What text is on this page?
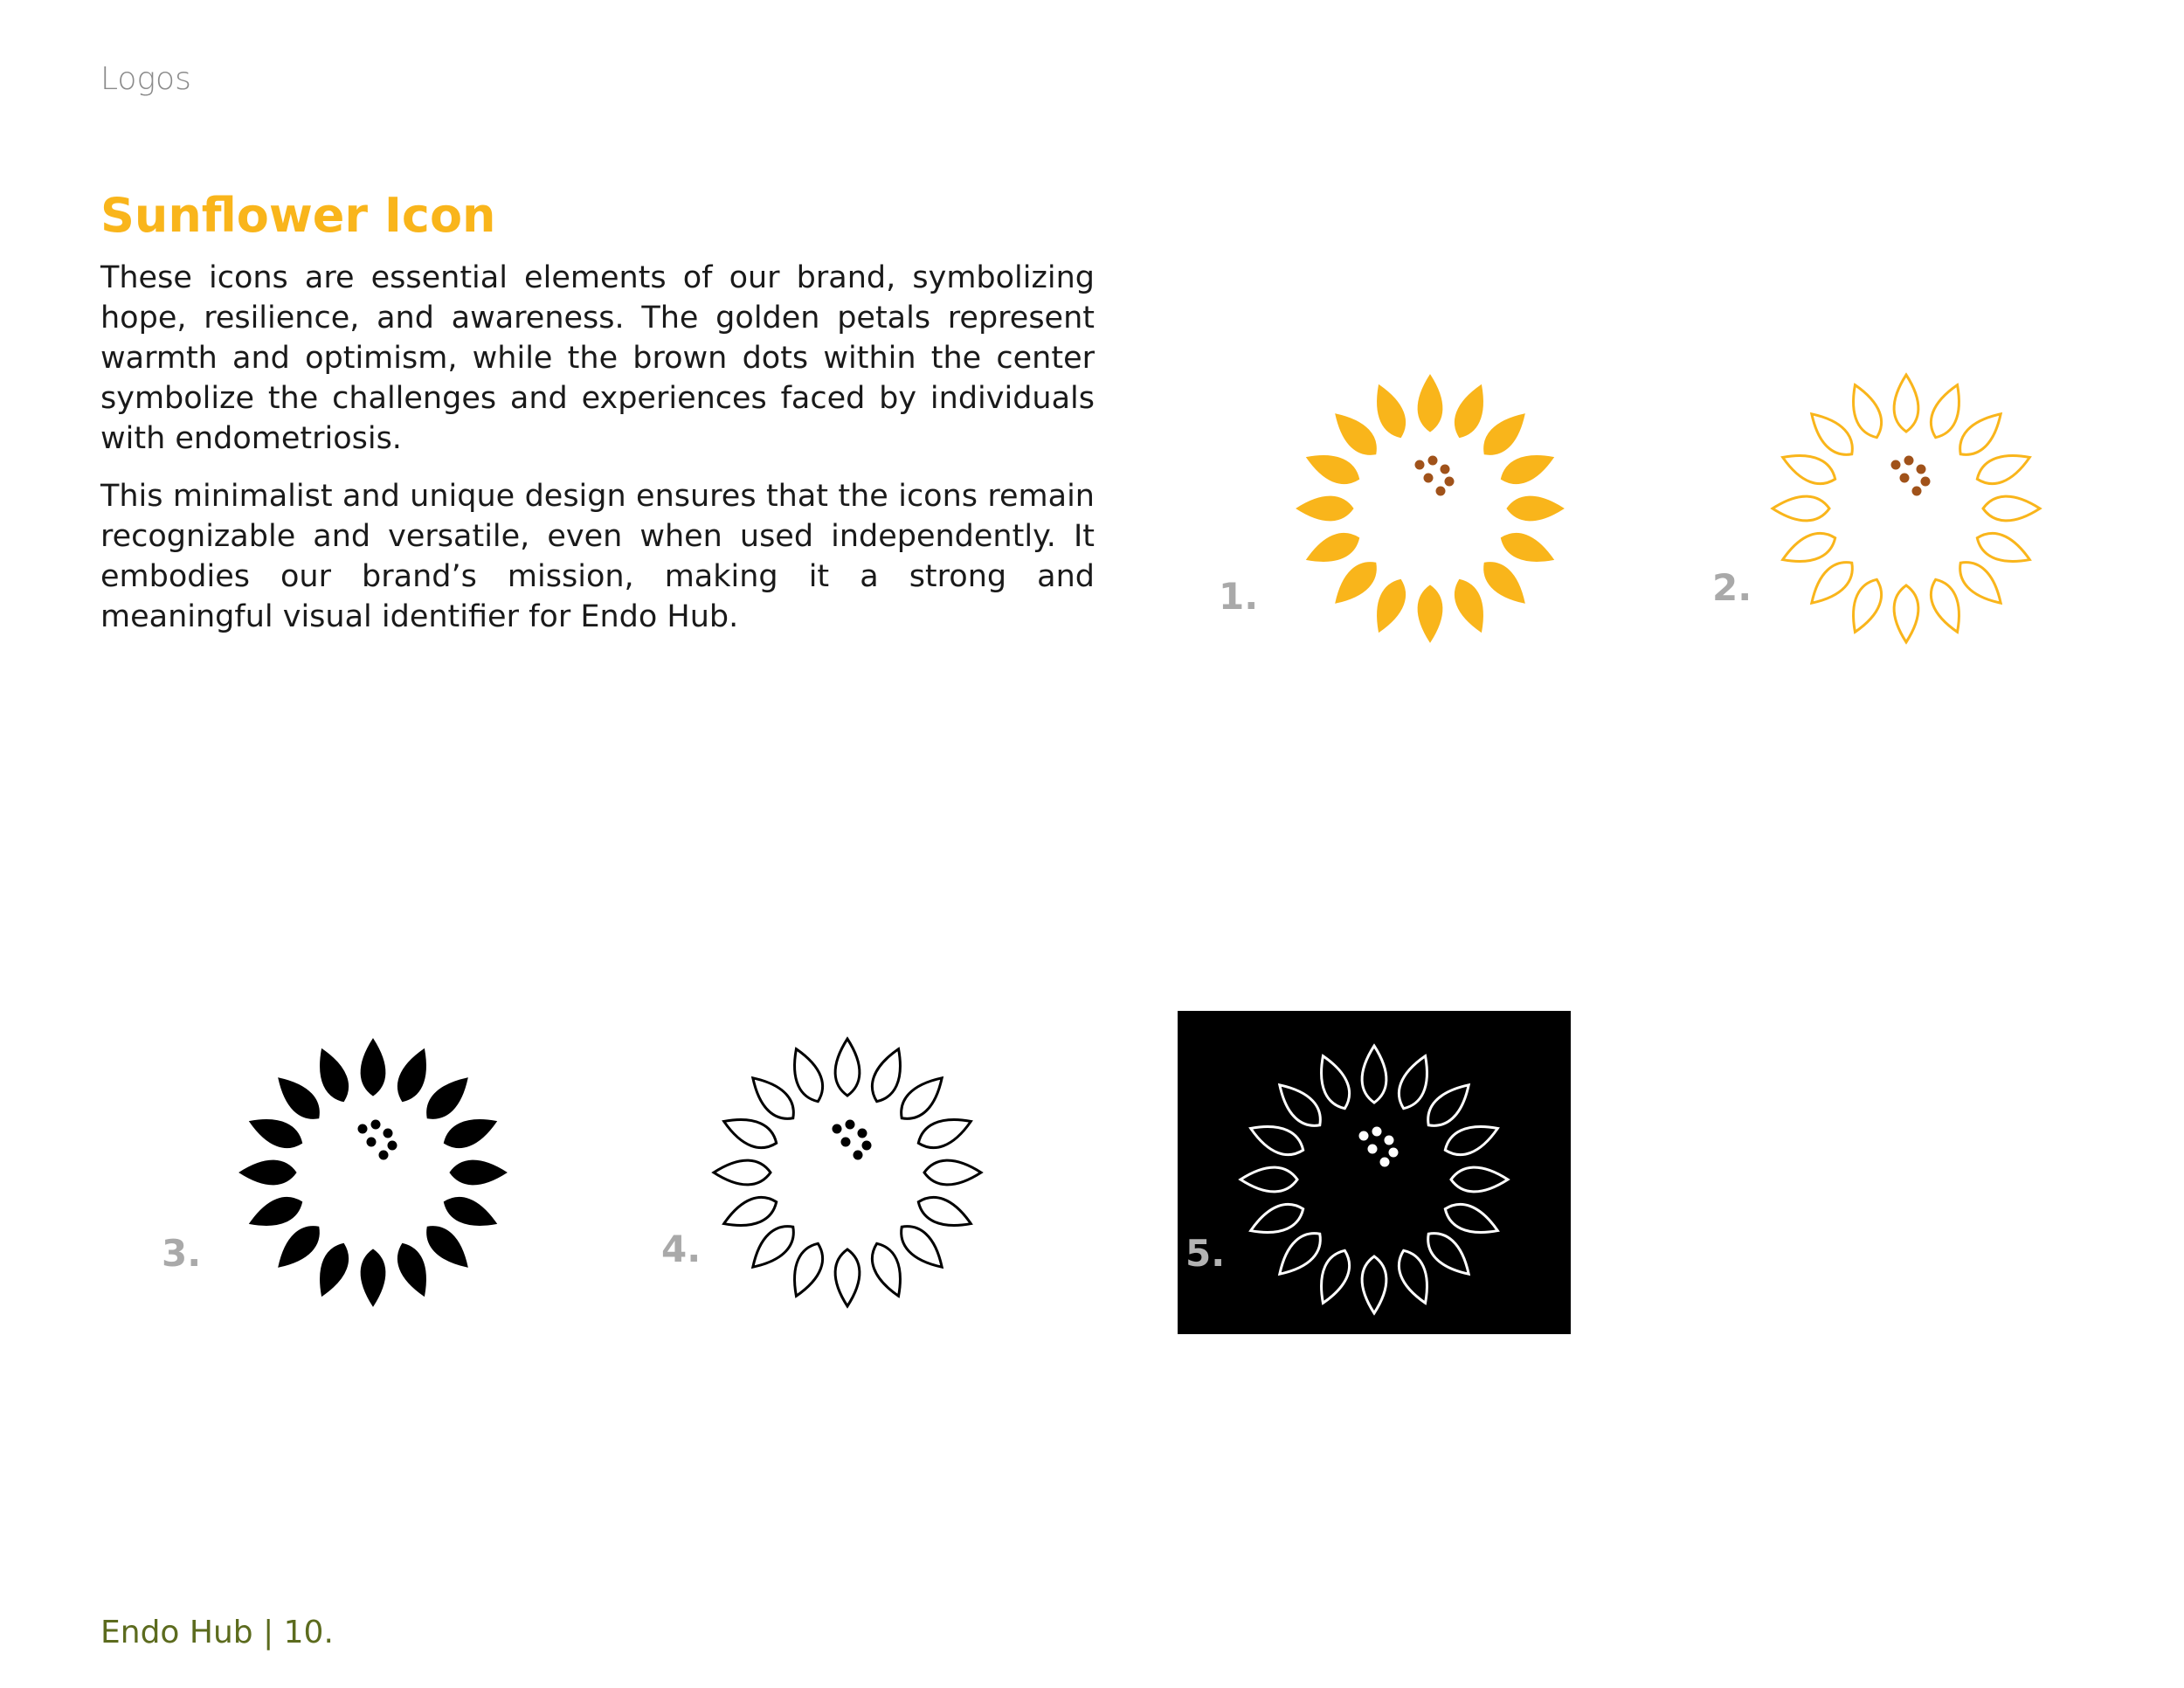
Logos
Sunflower Icon

These icons are essential elements of our brand, symbolizing hope, resilience, and awareness. The golden petals represent warmth and optimism, while the brown dots within the center symbolize the challenges and experiences faced by individuals with endometriosis.

This minimalist and unique design ensures that the icons remain recognizable and versatile, even when used independently. It embodies our brand’s mission, making it a strong and meaningful visual identifier for Endo Hub.	1.	2.
3.	4.	5.
Endo Hub | 10.
